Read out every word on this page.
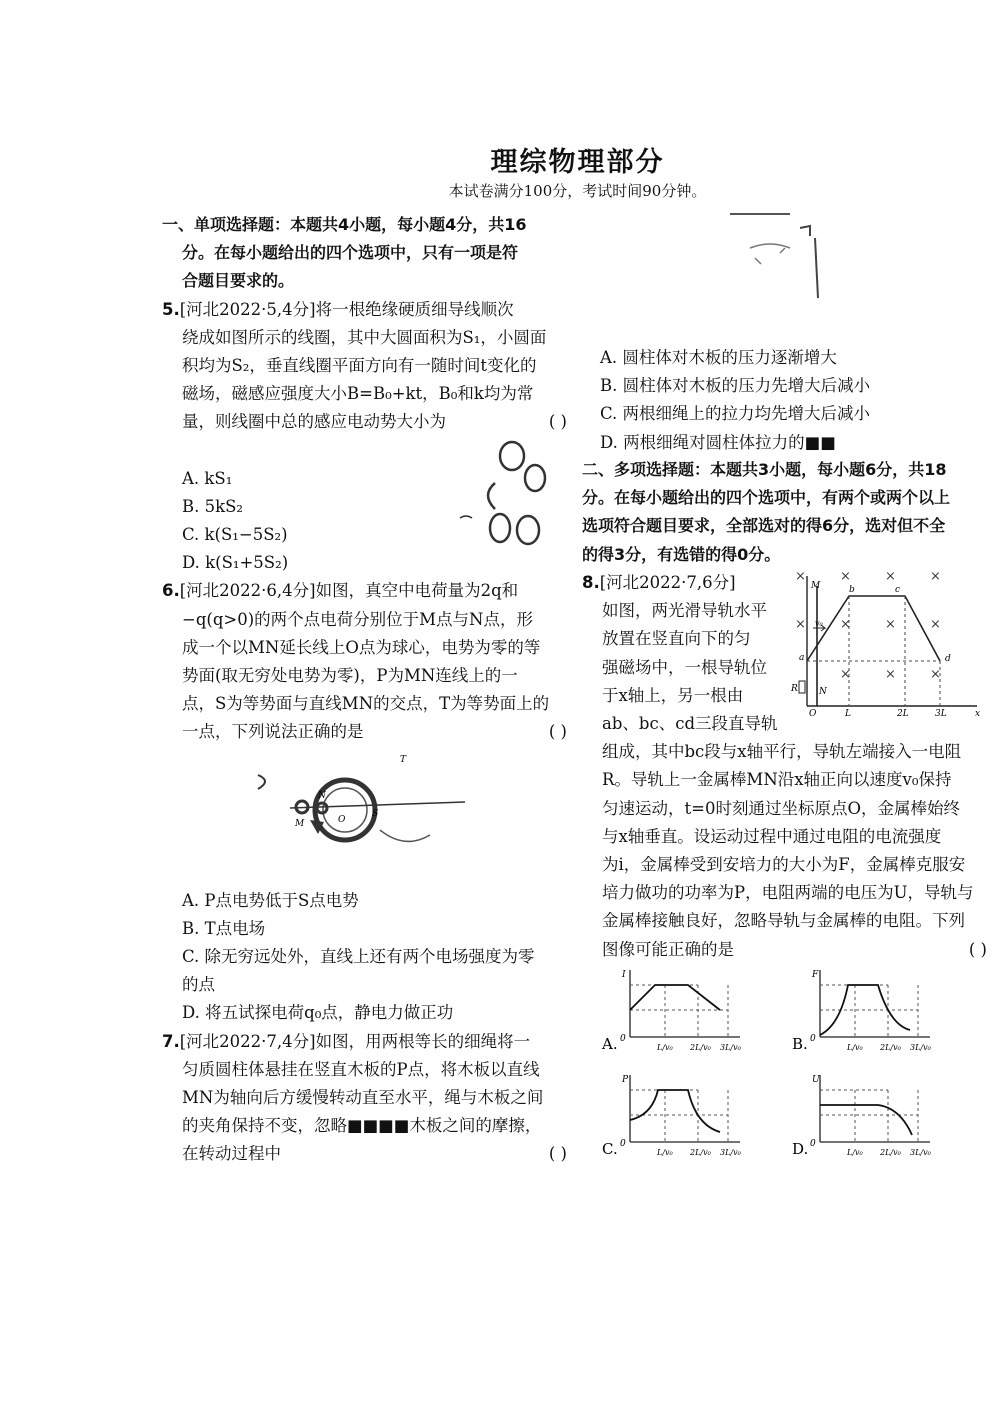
理综物理部分
本试卷满分100分，考试时间90分钟。
一、单项选择题：本题共4小题，每小题4分，共16
分。在每小题给出的四个选项中，只有一项是符
合题目要求的。
5.[河北2022·5,4分]将一根绝缘硬质细导线顺次
绕成如图所示的线圈，其中大圆面积为S₁，小圆面
积均为S₂，垂直线圈平面方向有一随时间t变化的
磁场，磁感应强度大小B=B₀+kt，B₀和k均为常
量，则线圈中总的感应电动势大小为	( )
A. kS₁
B. 5kS₂
C. k(S₁−5S₂)
D. k(S₁+5S₂)
6.[河北2022·6,4分]如图，真空中电荷量为2q和
−q(q>0)的两个点电荷分别位于M点与N点，形
成一个以MN延长线上O点为球心，电势为零的等
势面(取无穷处电势为零)，P为MN连线上的一
点，S为等势面与直线MN的交点，T为等势面上的
一点，下列说法正确的是	( )
A. P点电势低于S点电势
B. T点电场
C. 除无穷远处外，直线上还有两个电场强度为零
的点
D. 将五试探电荷q₀点，静电力做正功
7.[河北2022·7,4分]如图，用两根等长的细绳将一
匀质圆柱体悬挂在竖直木板的P点，将木板以直线
MN为轴向后方缓慢转动直至水平，绳与木板之间
的夹角保持不变，忽略■■■■木板之间的摩擦，
在转动过程中	( )
T
M
N
O
S
A. 圆柱体对木板的压力逐渐增大
B. 圆柱体对木板的压力先增大后减小
C. 两根细绳上的拉力均先增大后减小
D. 两根细绳对圆柱体拉力的■■
二、多项选择题：本题共3小题，每小题6分，共18
分。在每小题给出的四个选项中，有两个或两个以上
选项符合题目要求，全部选对的得6分，选对但不全
的得3分，有选错的得0分。
8.[河北2022·7,6分]
如图，两光滑导轨水平
放置在竖直向下的匀
强磁场中，一根导轨位
于x轴上，另一根由
ab、bc、cd三段直导轨
组成，其中bc段与x轴平行，导轨左端接入一电阻
R。导轨上一金属棒MN沿x轴正向以速度v₀保持
匀速运动，t=0时刻通过坐标原点O，金属棒始终
与x轴垂直。设运动过程中通过电阻的电流强度
为i，金属棒受到安培力的大小为F，金属棒克服安
培力做功的功率为P，电阻两端的电压为U，导轨与
金属棒接触良好，忽略导轨与金属棒的电阻。下列
图像可能正确的是	( )
×	×	×	×
×	×	×
×	×	×
×
M	b	c
a	d
R N
O	L	2L	3L	x
v₀
I
0
L/v₀ 2L/v₀ 3L/v₀
A.
F
0
L/v₀ 2L/v₀ 3L/v₀
B.
P
0
L/v₀ 2L/v₀ 3L/v₀
C.
U
0
L/v₀ 2L/v₀ 3L/v₀
D.
